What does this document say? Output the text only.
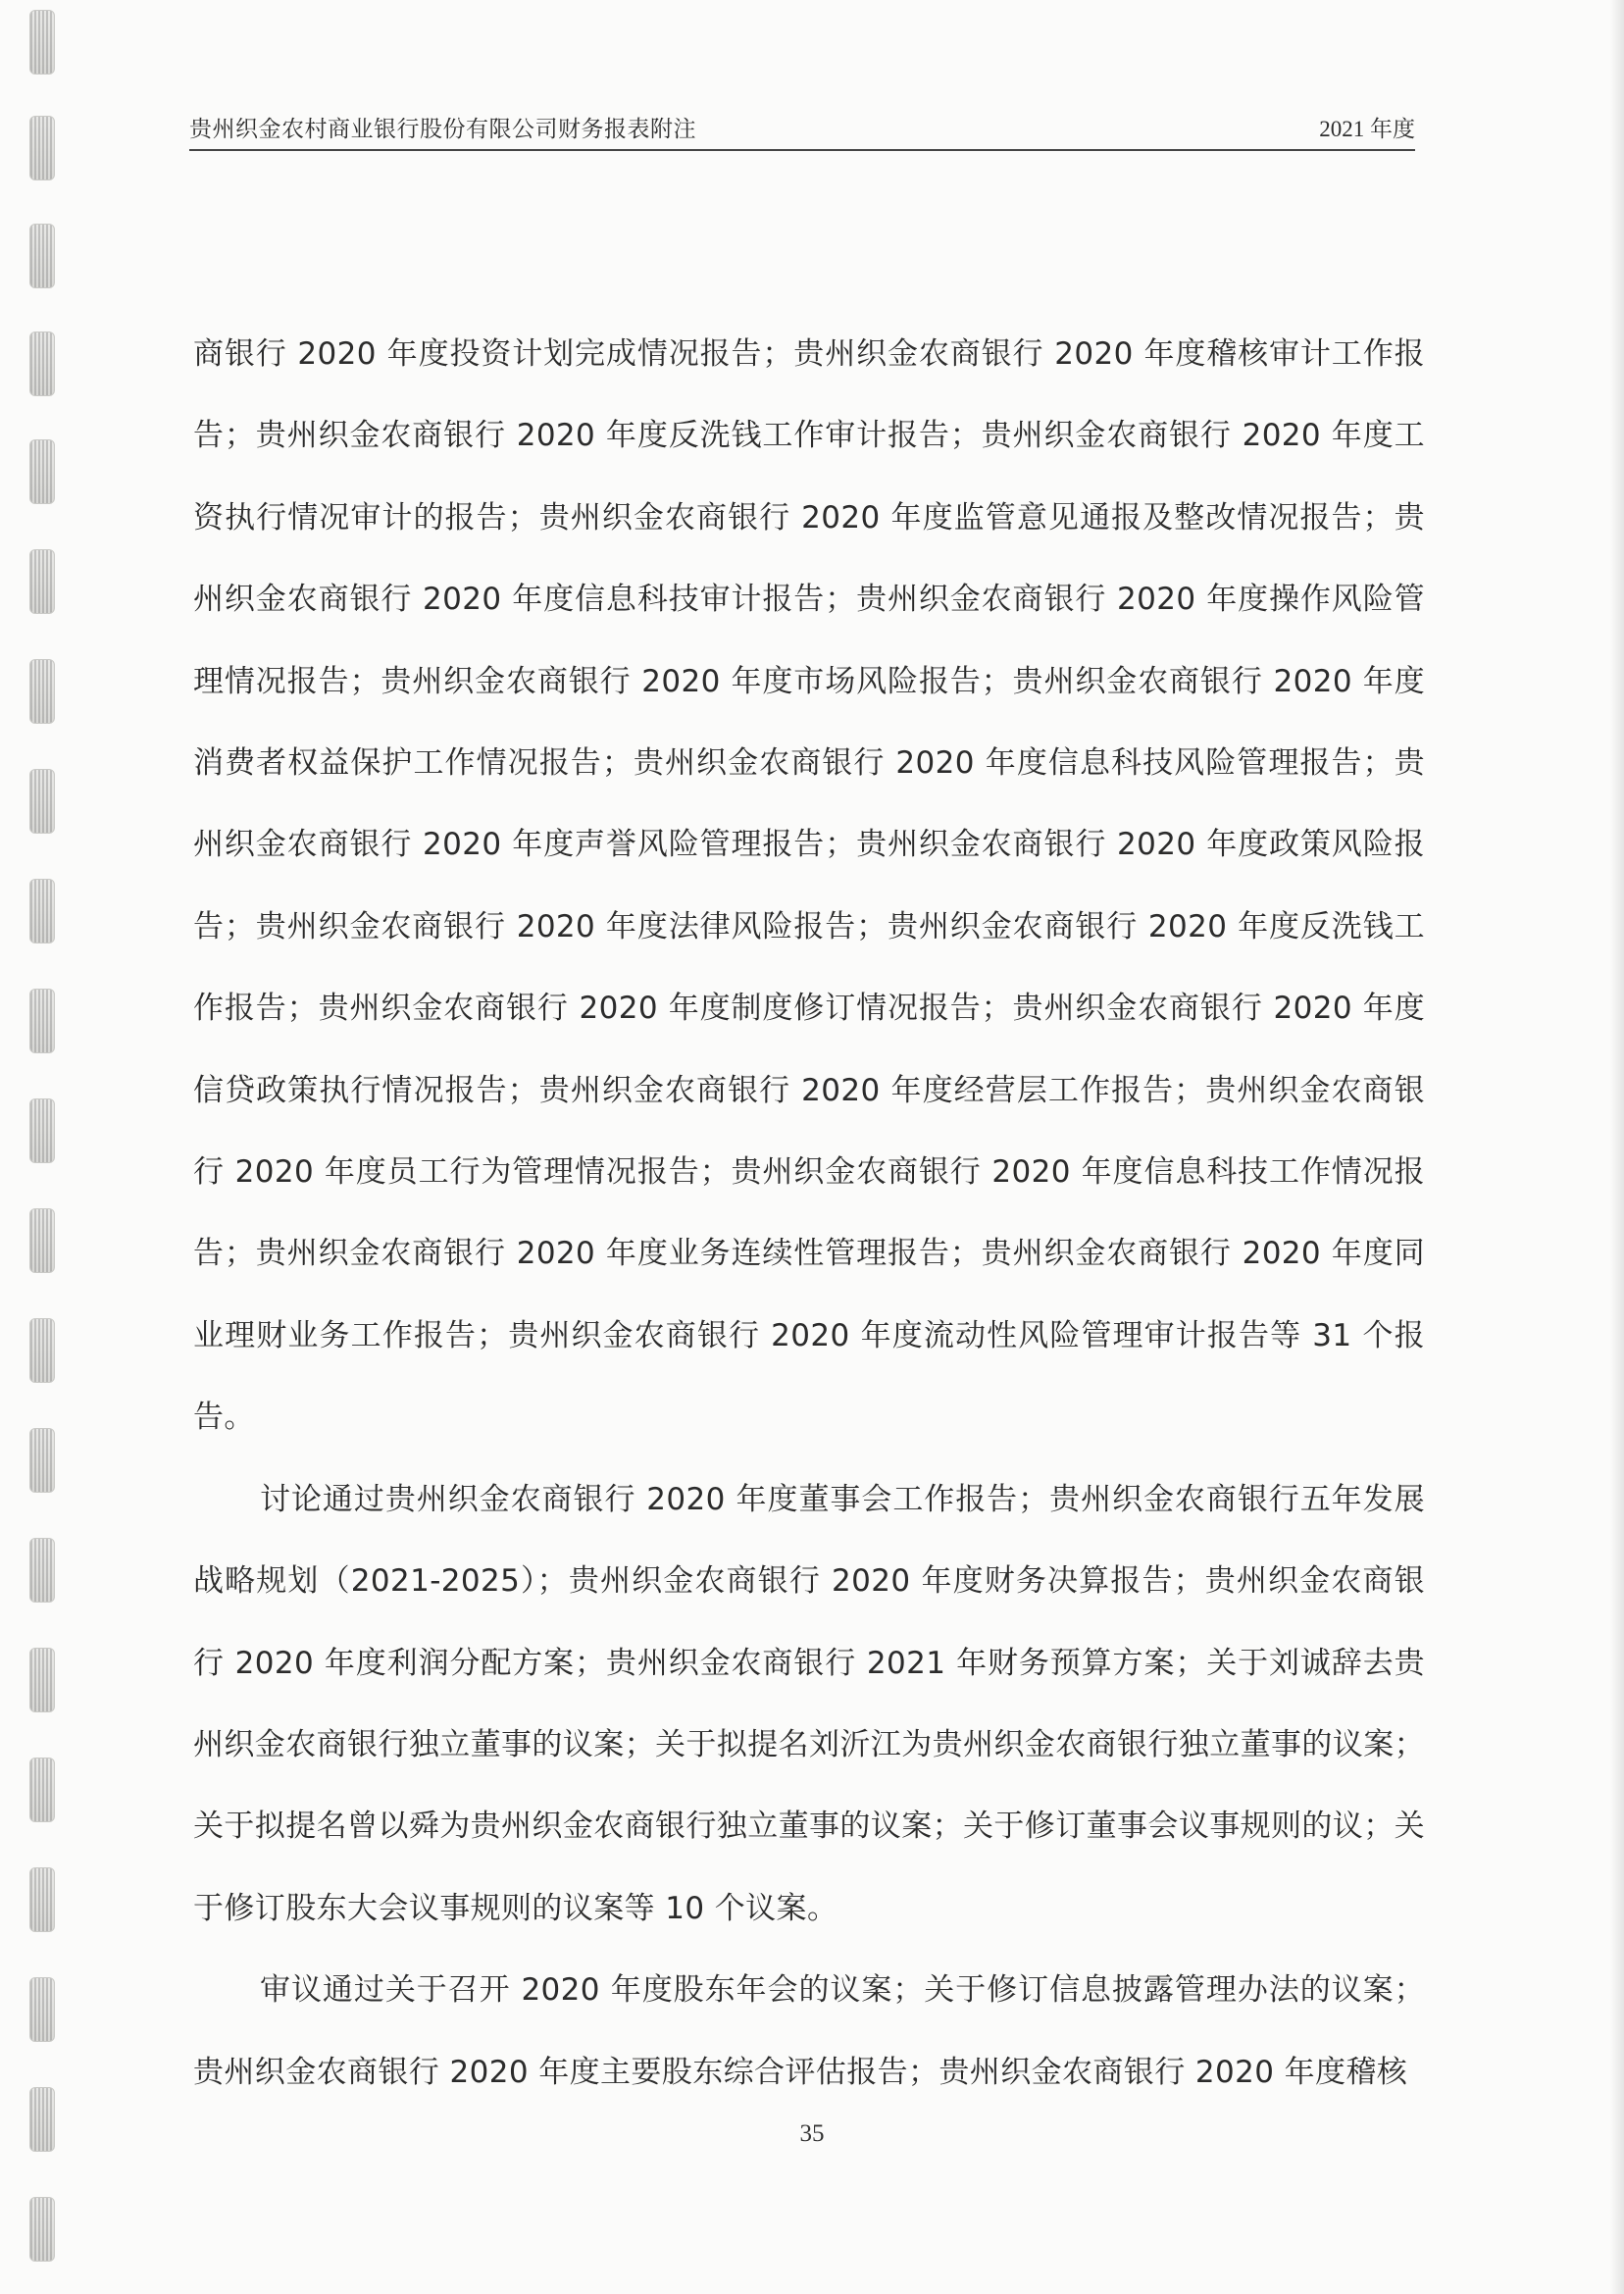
贵州织金农村商业银行股份有限公司财务报表附注	2021 年度

商银行 2020 年度投资计划完成情况报告；贵州织金农商银行 2020 年度稽核审计工作报告；贵州织金农商银行 2020 年度反洗钱工作审计报告；贵州织金农商银行 2020 年度工资执行情况审计的报告；贵州织金农商银行 2020 年度监管意见通报及整改情况报告；贵州织金农商银行 2020 年度信息科技审计报告；贵州织金农商银行 2020 年度操作风险管理情况报告；贵州织金农商银行 2020 年度市场风险报告；贵州织金农商银行 2020 年度消费者权益保护工作情况报告；贵州织金农商银行 2020 年度信息科技风险管理报告；贵州织金农商银行 2020 年度声誉风险管理报告；贵州织金农商银行 2020 年度政策风险报告；贵州织金农商银行 2020 年度法律风险报告；贵州织金农商银行 2020 年度反洗钱工作报告；贵州织金农商银行 2020 年度制度修订情况报告；贵州织金农商银行 2020 年度信贷政策执行情况报告；贵州织金农商银行 2020 年度经营层工作报告；贵州织金农商银行 2020 年度员工行为管理情况报告；贵州织金农商银行 2020 年度信息科技工作情况报告；贵州织金农商银行 2020 年度业务连续性管理报告；贵州织金农商银行 2020 年度同业理财业务工作报告；贵州织金农商银行 2020 年度流动性风险管理审计报告等 31 个报告。

讨论通过贵州织金农商银行 2020 年度董事会工作报告；贵州织金农商银行五年发展战略规划（2021-2025）；贵州织金农商银行 2020 年度财务决算报告；贵州织金农商银行 2020 年度利润分配方案；贵州织金农商银行 2021 年财务预算方案；关于刘诚辞去贵州织金农商银行独立董事的议案；关于拟提名刘沂江为贵州织金农商银行独立董事的议案；关于拟提名曾以舜为贵州织金农商银行独立董事的议案；关于修订董事会议事规则的议；关于修订股东大会议事规则的议案等 10 个议案。

审议通过关于召开 2020 年度股东年会的议案；关于修订信息披露管理办法的议案；贵州织金农商银行 2020 年度主要股东综合评估报告；贵州织金农商银行 2020 年度稽核

35
